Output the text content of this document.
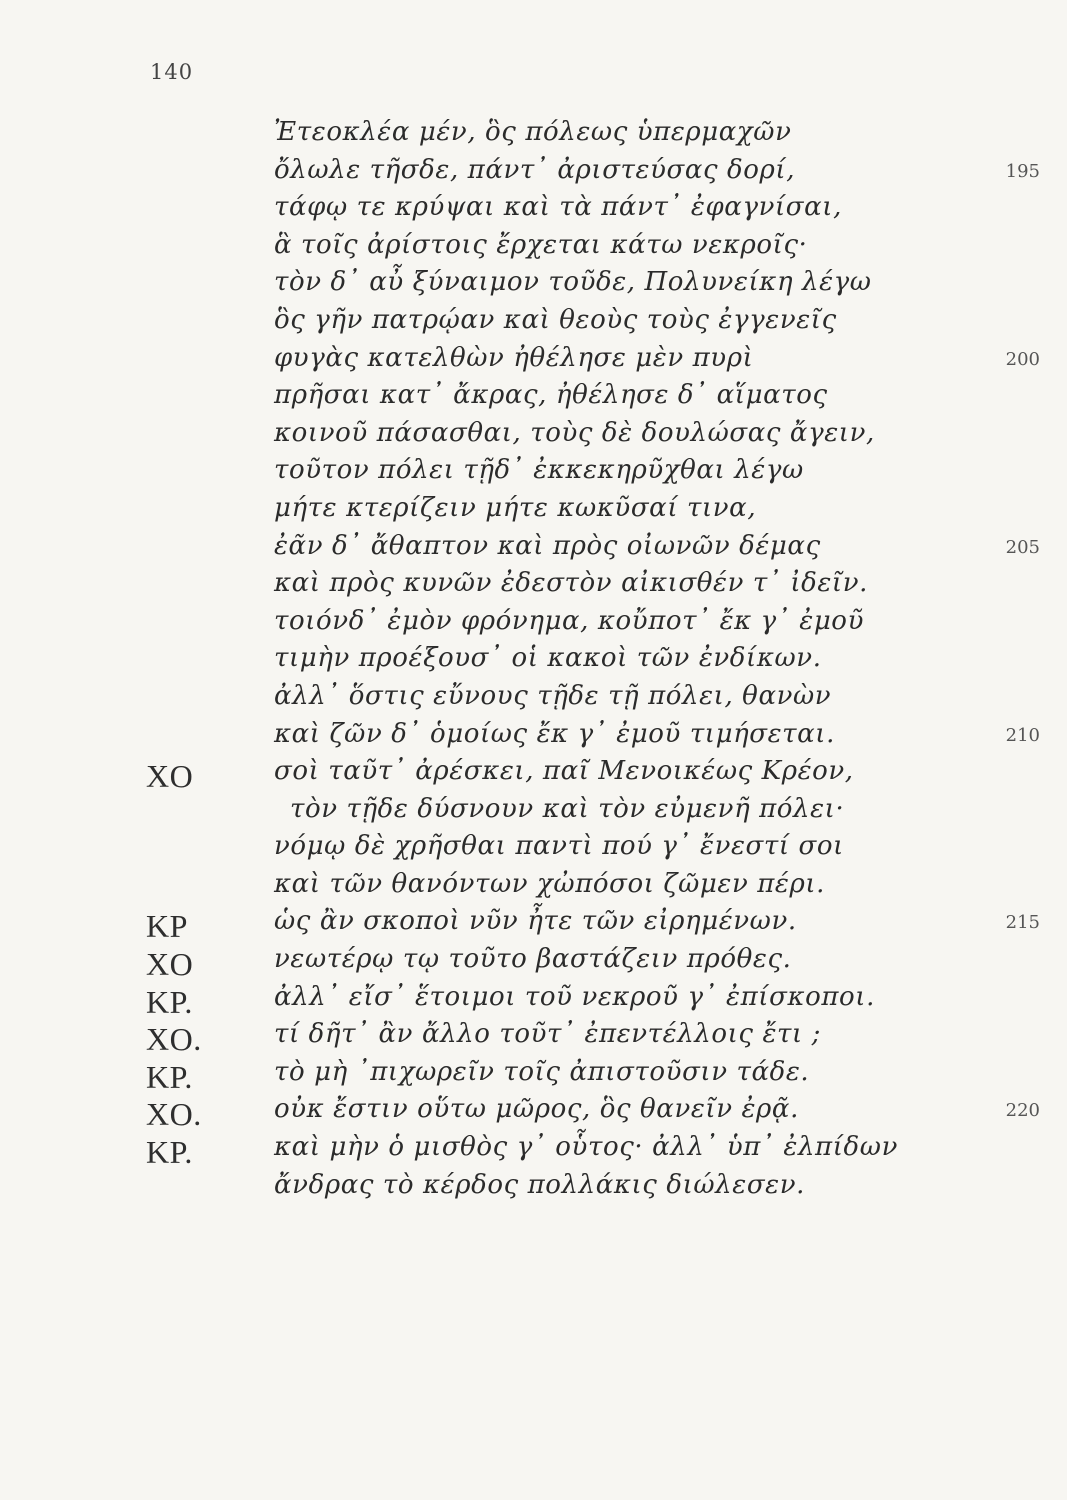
140
Ἐτεοκλέα μέν, ὃς πόλεως ὑπερμαχῶν
ὄλωλε τῆσδε, πάντ᾽ ἀριστεύσας δορί,	195
τάφῳ τε κρύψαι καὶ τὰ πάντ᾽ ἐφαγνίσαι,
ἃ τοῖς ἀρίστοις ἔρχεται κάτω νεκροῖς·
τὸν δ᾽ αὖ ξύναιμον τοῦδε, Πολυνείκη λέγω
ὃς γῆν πατρῴαν καὶ θεοὺς τοὺς ἐγγενεῖς
φυγὰς κατελθὼν ἠθέλησε μὲν πυρὶ	200
πρῆσαι κατ᾽ ἄκρας, ἠθέλησε δ᾽ αἵματος
κοινοῦ πάσασθαι, τοὺς δὲ δουλώσας ἄγειν,
τοῦτον πόλει τῇδ᾽ ἐκκεκηρῦχθαι λέγω
μήτε κτερίζειν μήτε κωκῦσαί τινα,
ἐᾶν δ᾽ ἄθαπτον καὶ πρὸς οἰωνῶν δέμας	205
καὶ πρὸς κυνῶν ἐδεστὸν αἰκισθέν τ᾽ ἰδεῖν.
τοιόνδ᾽ ἐμὸν φρόνημα, κοὔποτ᾽ ἔκ γ᾽ ἐμοῦ
τιμὴν προέξουσ᾽ οἱ κακοὶ τῶν ἐνδίκων.
ἀλλ᾽ ὅστις εὔνους τῇδε τῇ πόλει, θανὼν
καὶ ζῶν δ᾽ ὁμοίως ἔκ γ᾽ ἐμοῦ τιμήσεται.	210
ΧΟ	σοὶ ταῦτ᾽ ἀρέσκει, παῖ Μενοικέως Κρέον,
τὸν τῇδε δύσνουν καὶ τὸν εὐμενῆ πόλει·
νόμῳ δὲ χρῆσθαι παντὶ πού γ᾽ ἔνεστί σοι
καὶ τῶν θανόντων χὠπόσοι ζῶμεν πέρι.
ΚΡ	ὡς ἂν σκοποὶ νῦν ἦτε τῶν εἰρημένων.	215
ΧΟ	νεωτέρῳ τῳ τοῦτο βαστάζειν πρόθες.
ΚΡ.	ἀλλ᾽ εἴσ᾽ ἕτοιμοι τοῦ νεκροῦ γ᾽ ἐπίσκοποι.
ΧΟ.	τί δῆτ᾽ ἂν ἄλλο τοῦτ᾽ ἐπεντέλλοις ἔτι ;
ΚΡ.	τὸ μὴ ᾽πιχωρεῖν τοῖς ἀπιστοῦσιν τάδε.
ΧΟ.	οὐκ ἔστιν οὕτω μῶρος, ὃς θανεῖν ἐρᾷ.	220
ΚΡ.	καὶ μὴν ὁ μισθὸς γ᾽ οὗτος· ἀλλ᾽ ὑπ᾽ ἐλπίδων
ἄνδρας τὸ κέρδος πολλάκις διώλεσεν.
